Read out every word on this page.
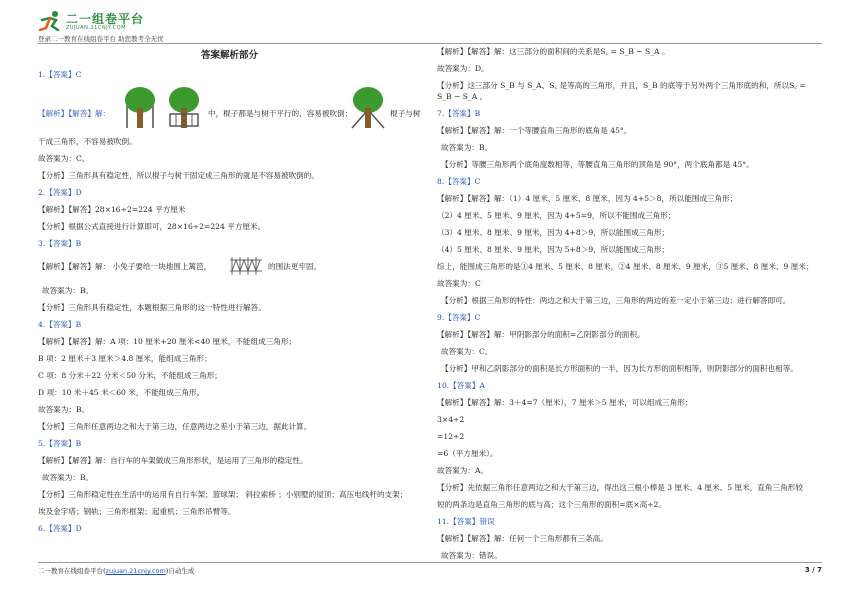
二一组卷平台
ZUJUAN.21CNJY.COM
登录二一教育在线组卷平台 助您教考全无忧
答案解析部分
1.【答案】C
【解析】【解答】解：	中，棍子都是与树干平行的，容易被吹倒；	棍子与树
干成三角形，不容易被吹倒。
故答案为：C。
【分析】三角形具有稳定性，所以棍子与树干固定成三角形的就是不容易被吹倒的。
2.【答案】D
【解析】【解答】28×16÷2=224 平方厘米
【分析】根据公式直接进行计算即可，28×16÷2=224 平方厘米。
3.【答案】B
【解析】【解答】解： 小兔子要给一块地围上篱笆，	的围法更牢固。
故答案为：B。
【分析】三角形具有稳定性，本题根据三角形的这一特性进行解答。
4.【答案】B
【解析】【解答】解：A 项：10 厘米+20 厘米<40 厘米，不能组成三角形；
B 项：2 厘米＋3 厘米＞4.8 厘米，能组成三角形；
C 项：8 分米＋22 分米＜50 分米，不能组成三角形；
D 项：10 米＋45 米＜60 米，不能组成三角形。
故答案为：B。
【分析】三角形任意两边之和大于第三边，任意两边之差小于第三边，据此计算。
5.【答案】B
【解析】【解答】解：自行车的车架做成三角形形状，是运用了三角形的稳定性。
故答案为：B。
【分析】三角形稳定性在生活中的运用有自行车架；篮球架； 斜拉索桥 ；小别墅的屋顶；高压电线杆的支架；
埃及金字塔；钢轨；三角形框架；起重机；三角形吊臂等。
6.【答案】D
【解析】【解答】解：这三部分的面积间的关系是S꜀ = S_B − S_A 。
故答案为：D。
【分析】这三部分 S_B 与 S_A、S꜀ 是等高的三角形，并且，S_B 的底等于另外两个三角形底的和，所以S꜀ = S_B − S_A 。
7.【答案】B
【解析】【解答】解：一个等腰直角三角形的底角是 45°。
故答案为：B。
【分析】等腰三角形两个底角度数相等，等腰直角三角形的顶角是 90°，两个底角都是 45°。
8.【答案】C
【解析】【解答】解：（1）4 厘米、5 厘米、8 厘米，因为 4+5＞8，所以能围成三角形；
（2）4 厘米、5 厘米、9 厘米，因为 4+5=9，所以不能围成三角形；
（3）4 厘米、8 厘米、9 厘米，因为 4+8＞9，所以能围成三角形；
（4）5 厘米、8 厘米、9 厘米，因为 5+8＞9，所以能围成三角形；
综上，能围成三角形的是①4 厘米、5 厘米、8 厘米，②4 厘米、8 厘米、9 厘米，③5 厘米、8 厘米、9 厘米；
故答案为：C
【分析】根据三角形的特性：两边之和大于第三边，三角形的两边的差一定小于第三边；进行解答即可。
9.【答案】C
【解析】【解答】解：甲阴影部分的面积=乙阴影部分的面积。
故答案为：C。
【分析】甲和乙阴影部分的面积是长方形面积的一半，因为长方形的面积相等，则阴影部分的面积也相等。
10.【答案】A
【解析】【解答】解：3＋4=7（厘米），7 厘米＞5 厘米，可以组成三角形；
3×4÷2
=12÷2
=6（平方厘米）。
故答案为：A。
【分析】先依据三角形任意两边之和大于第三边，得出这三根小棒是 3 厘米、4 厘米、5 厘米，直角三角形较
短的两条边是直角三角形的底与高；这个三角形的面积=底×高÷2。
11.【答案】错误
【解析】【解答】解：任何一个三角形都有三条高。
故答案为：错误。
二一教育在线组卷平台(zujuan.21cnjy.com)自动生成	3 / 7
